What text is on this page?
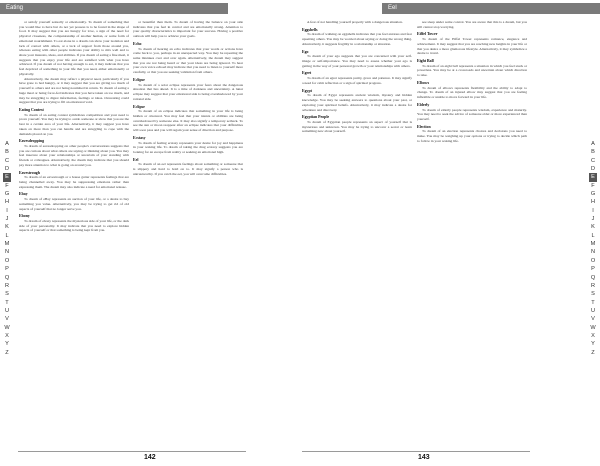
Eating
A
B
C
D
E
F
G
H
I
J
K
L
M
N
O
P
Q
R
S
T
U
V
W
X
Y
Z

or satisfy yourself sexually or emotionally. To dream of something that you would like to have but do not yet possess is to be found in the shape of food. It may suggest that you are hungry for love, a sign of the need for physical closeness, the companionship of another human, or some form of emotional nourishment. To eat alone in a dream can show your isolation and lack of contact with others, or a lack of support from those around you, whereas eating with other people indicates your ability to mix well and to share your interests, ideas, and abilities. If you dream of eating a fine meal, it suggests that you enjoy your life and are satisfied with what you have achieved. If you dream of not having enough to eat, it may indicate that you feel deprived of something in your life that you need, either emotionally or physically.

Alternatively, the dream may reflect a physical need, particularly if you have gone to bed hungry, or it may suggest that you are giving too much of yourself to others and are not being nourished in return. To dream of eating a huge meal or being force-fed indicates that you have taken on too much, and may be struggling to digest information, feelings or ideas. Overeating could suggest that you are trying to fill an emotional void.

Eating Contest

To dream of an eating contest symbolizes competition and your need to prove yourself. You may be trying to outdo someone or show that you are the best in a certain area of your life. Alternatively, it may suggest you have taken on more than you can handle and are struggling to cope with the demands placed on you.

Eavesdropping

To dream of eavesdropping on other people's conversations suggests that you are curious about what others are saying or thinking about you. You may feel insecure about your relationships or uncertain of your standing with friends or colleagues. Alternatively, the dream may indicate that you should pay more attention to what is going on around you.

Eavestrough

To dream of an eavestrough or a house gutter represents feelings that are being channelled away. You may be suppressing emotions rather than expressing them. The dream may also indicate a need for emotional release.

Ebay

To dream of eBay represents an auction of your life, or a desire to buy something you value. Alternatively, you may be trying to get rid of old aspects of yourself that no longer serve you.

Ebony

To dream of ebony represents the mysterious side of your life, or the dark side of your personality. It may indicate that you need to explore hidden aspects of yourself or that something is being kept from you.

or beautiful than them. To dream of having the balance on your side indicates that you feel in control and are emotionally strong. Attention to your quality characteristics is important for your success. Having a positive outlook will help you to achieve your goals.

Echo

To dream of hearing an echo indicates that your words or actions have come back to you, perhaps in an unexpected way. You may be repeating the same mistakes over and over again. Alternatively, the dream may suggest that you are not being heard or that your ideas are being ignored. To hear your own voice echoed may indicate that you need to listen to yourself more carefully, or that you are seeking validation from others.

Eclipse

To dream of a solar eclipse represents your fears about the dangerous situation that lies ahead. It is a time of darkness and uncertainty. A lunar eclipse may suggest that your emotional side is being overshadowed by your rational side.

Eclipse

To dream of an eclipse indicates that something in your life is being hidden or obscured. You may feel that your talents or abilities are being overshadowed by someone else. It may also signify a temporary setback. To see the sun or moon reappear after an eclipse indicates that your difficulties will soon pass and you will regain your sense of direction and purpose.

Ecstasy

To dream of feeling ecstasy represents your desire for joy and happiness in your waking life. To dream of taking the drug ecstasy suggests you are looking for an escape from reality or seeking an emotional high.

Eel

To dream of an eel represents feelings about something or someone that is slippery and hard to hold on to. It may signify a person who is untrustworthy. If you catch the eel, you will overcome difficulties.

142
Eel
A
B
C
D
E
F
G
H
I
J
K
L
M
N
O
P
Q
R
S
T
U
V
W
X
Y
Z

A fear of not handling yourself properly with a dangerous situation.

Eggshells

To dream of walking on eggshells indicates that you feel anxious and fear upsetting others. You may be worried about saying or doing the wrong thing. Alternatively, it suggests fragility in a relationship or situation.

Ego

To dream of your ego suggests that you are concerned with your self-image or self-importance. You may need to assess whether your ego is getting in the way of your personal growth or your relationships with others.

Egret

To dream of an egret represents purity, grace and patience. It may signify a need for calm reflection or a sign of spiritual progress.

Egypt

To dream of Egypt represents ancient wisdom, mystery and hidden knowledge. You may be seeking answers to questions about your past, or exploring your spiritual beliefs. Alternatively, it may indicate a desire for adventure and discovery.

Egyptian People

To dream of Egyptian people represents an aspect of yourself that is mysterious and unknown. You may be trying to uncover a secret or learn something new about yourself.

see sleep under some control. You are aware that this is a dream, but you still cannot stop worrying.

Eiffel Tower

To dream of the Eiffel Tower represents romance, elegance and achievement. It may suggest that you are reaching new heights in your life or that you desire a more glamorous lifestyle. Alternatively, it may symbolize a desire to travel.

Eight Ball

To dream of an eight ball represents a situation in which you feel stuck or powerless. You may be at a crossroads and uncertain about which direction to take.

Elbows

To dream of elbows represents flexibility and the ability to adapt to change. To dream of an injured elbow may suggest that you are feeling inflexible or unable to move forward in your life.

Elderly

To dream of elderly people represents wisdom, experience and maturity. You may need to seek the advice of someone older or more experienced than yourself.

Election

To dream of an election represents choices and decisions you need to make. You may be weighing up your options or trying to decide which path to follow in your waking life.

143
